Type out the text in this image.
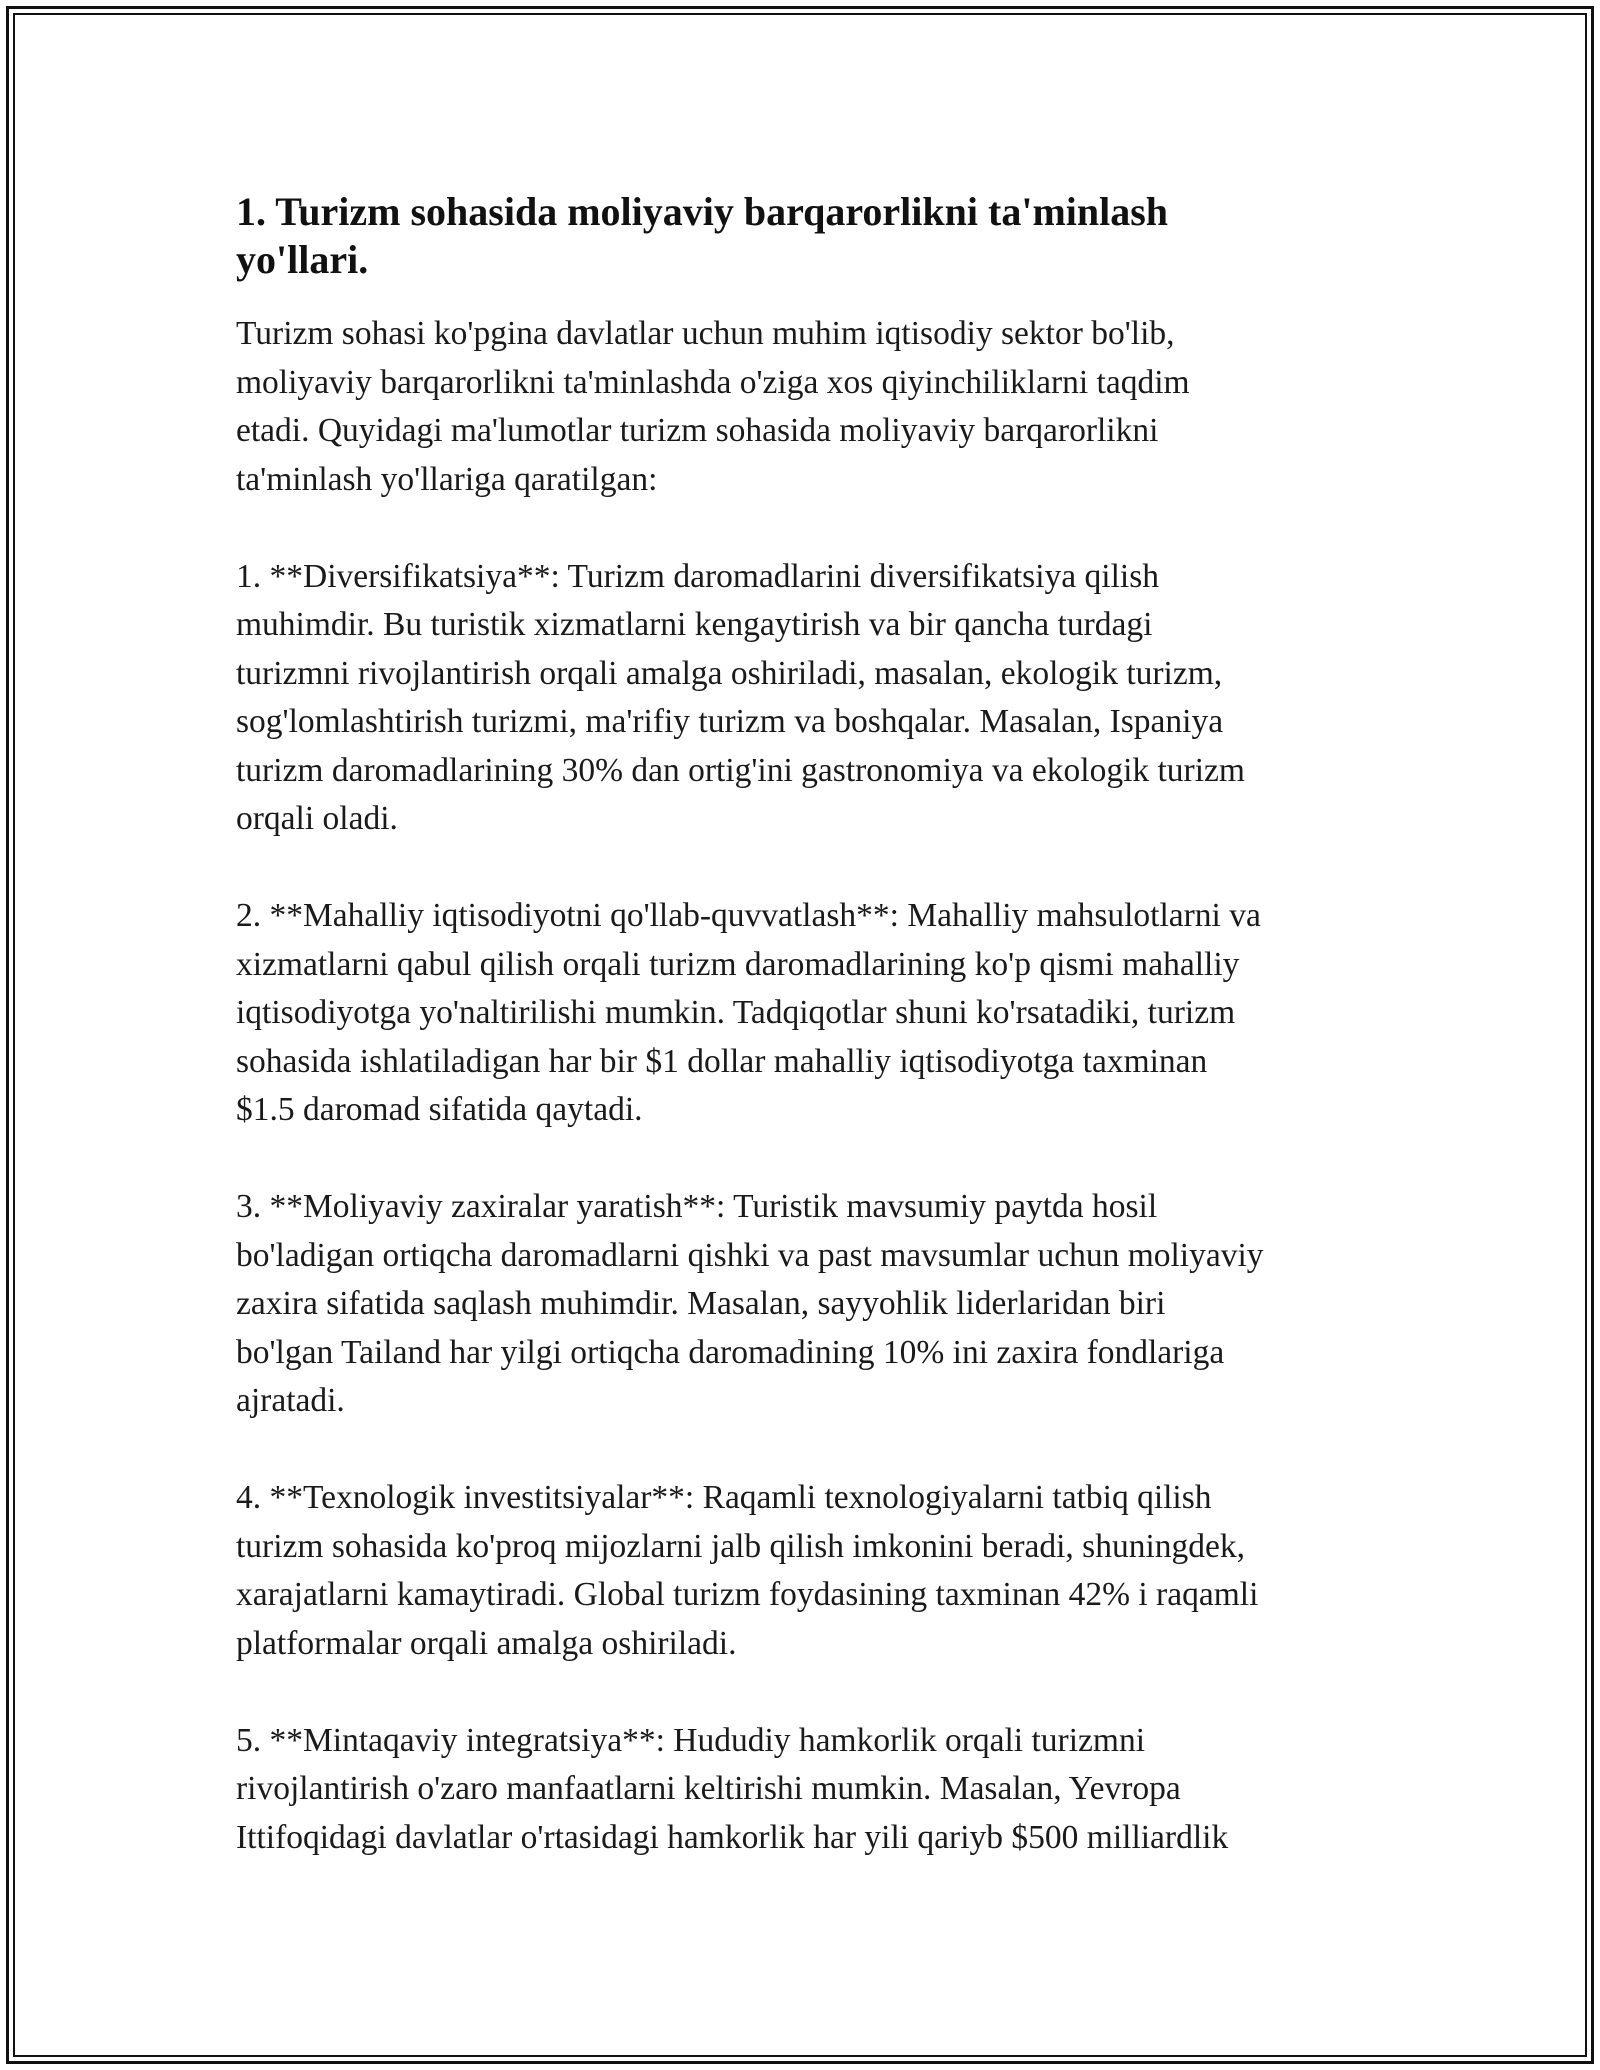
1. Turizm sohasida moliyaviy barqarorlikni ta'minlash
yo'llari.

Turizm sohasi ko'pgina davlatlar uchun muhim iqtisodiy sektor bo'lib,
moliyaviy barqarorlikni ta'minlashda o'ziga xos qiyinchiliklarni taqdim
etadi. Quyidagi ma'lumotlar turizm sohasida moliyaviy barqarorlikni
ta'minlash yo'llariga qaratilgan:

1. **Diversifikatsiya**: Turizm daromadlarini diversifikatsiya qilish
muhimdir. Bu turistik xizmatlarni kengaytirish va bir qancha turdagi
turizmni rivojlantirish orqali amalga oshiriladi, masalan, ekologik turizm,
sog'lomlashtirish turizmi, ma'rifiy turizm va boshqalar. Masalan, Ispaniya
turizm daromadlarining 30% dan ortig'ini gastronomiya va ekologik turizm
orqali oladi.

2. **Mahalliy iqtisodiyotni qo'llab-quvvatlash**: Mahalliy mahsulotlarni va
xizmatlarni qabul qilish orqali turizm daromadlarining ko'p qismi mahalliy
iqtisodiyotga yo'naltirilishi mumkin. Tadqiqotlar shuni ko'rsatadiki, turizm
sohasida ishlatiladigan har bir $1 dollar mahalliy iqtisodiyotga taxminan
$1.5 daromad sifatida qaytadi.

3. **Moliyaviy zaxiralar yaratish**: Turistik mavsumiy paytda hosil
bo'ladigan ortiqcha daromadlarni qishki va past mavsumlar uchun moliyaviy
zaxira sifatida saqlash muhimdir. Masalan, sayyohlik liderlaridan biri
bo'lgan Tailand har yilgi ortiqcha daromadining 10% ini zaxira fondlariga
ajratadi.

4. **Texnologik investitsiyalar**: Raqamli texnologiyalarni tatbiq qilish
turizm sohasida ko'proq mijozlarni jalb qilish imkonini beradi, shuningdek,
xarajatlarni kamaytiradi. Global turizm foydasining taxminan 42% i raqamli
platformalar orqali amalga oshiriladi.

5. **Mintaqaviy integratsiya**: Hududiy hamkorlik orqali turizmni
rivojlantirish o'zaro manfaatlarni keltirishi mumkin. Masalan, Yevropa
Ittifoqidagi davlatlar o'rtasidagi hamkorlik har yili qariyb $500 milliardlik
